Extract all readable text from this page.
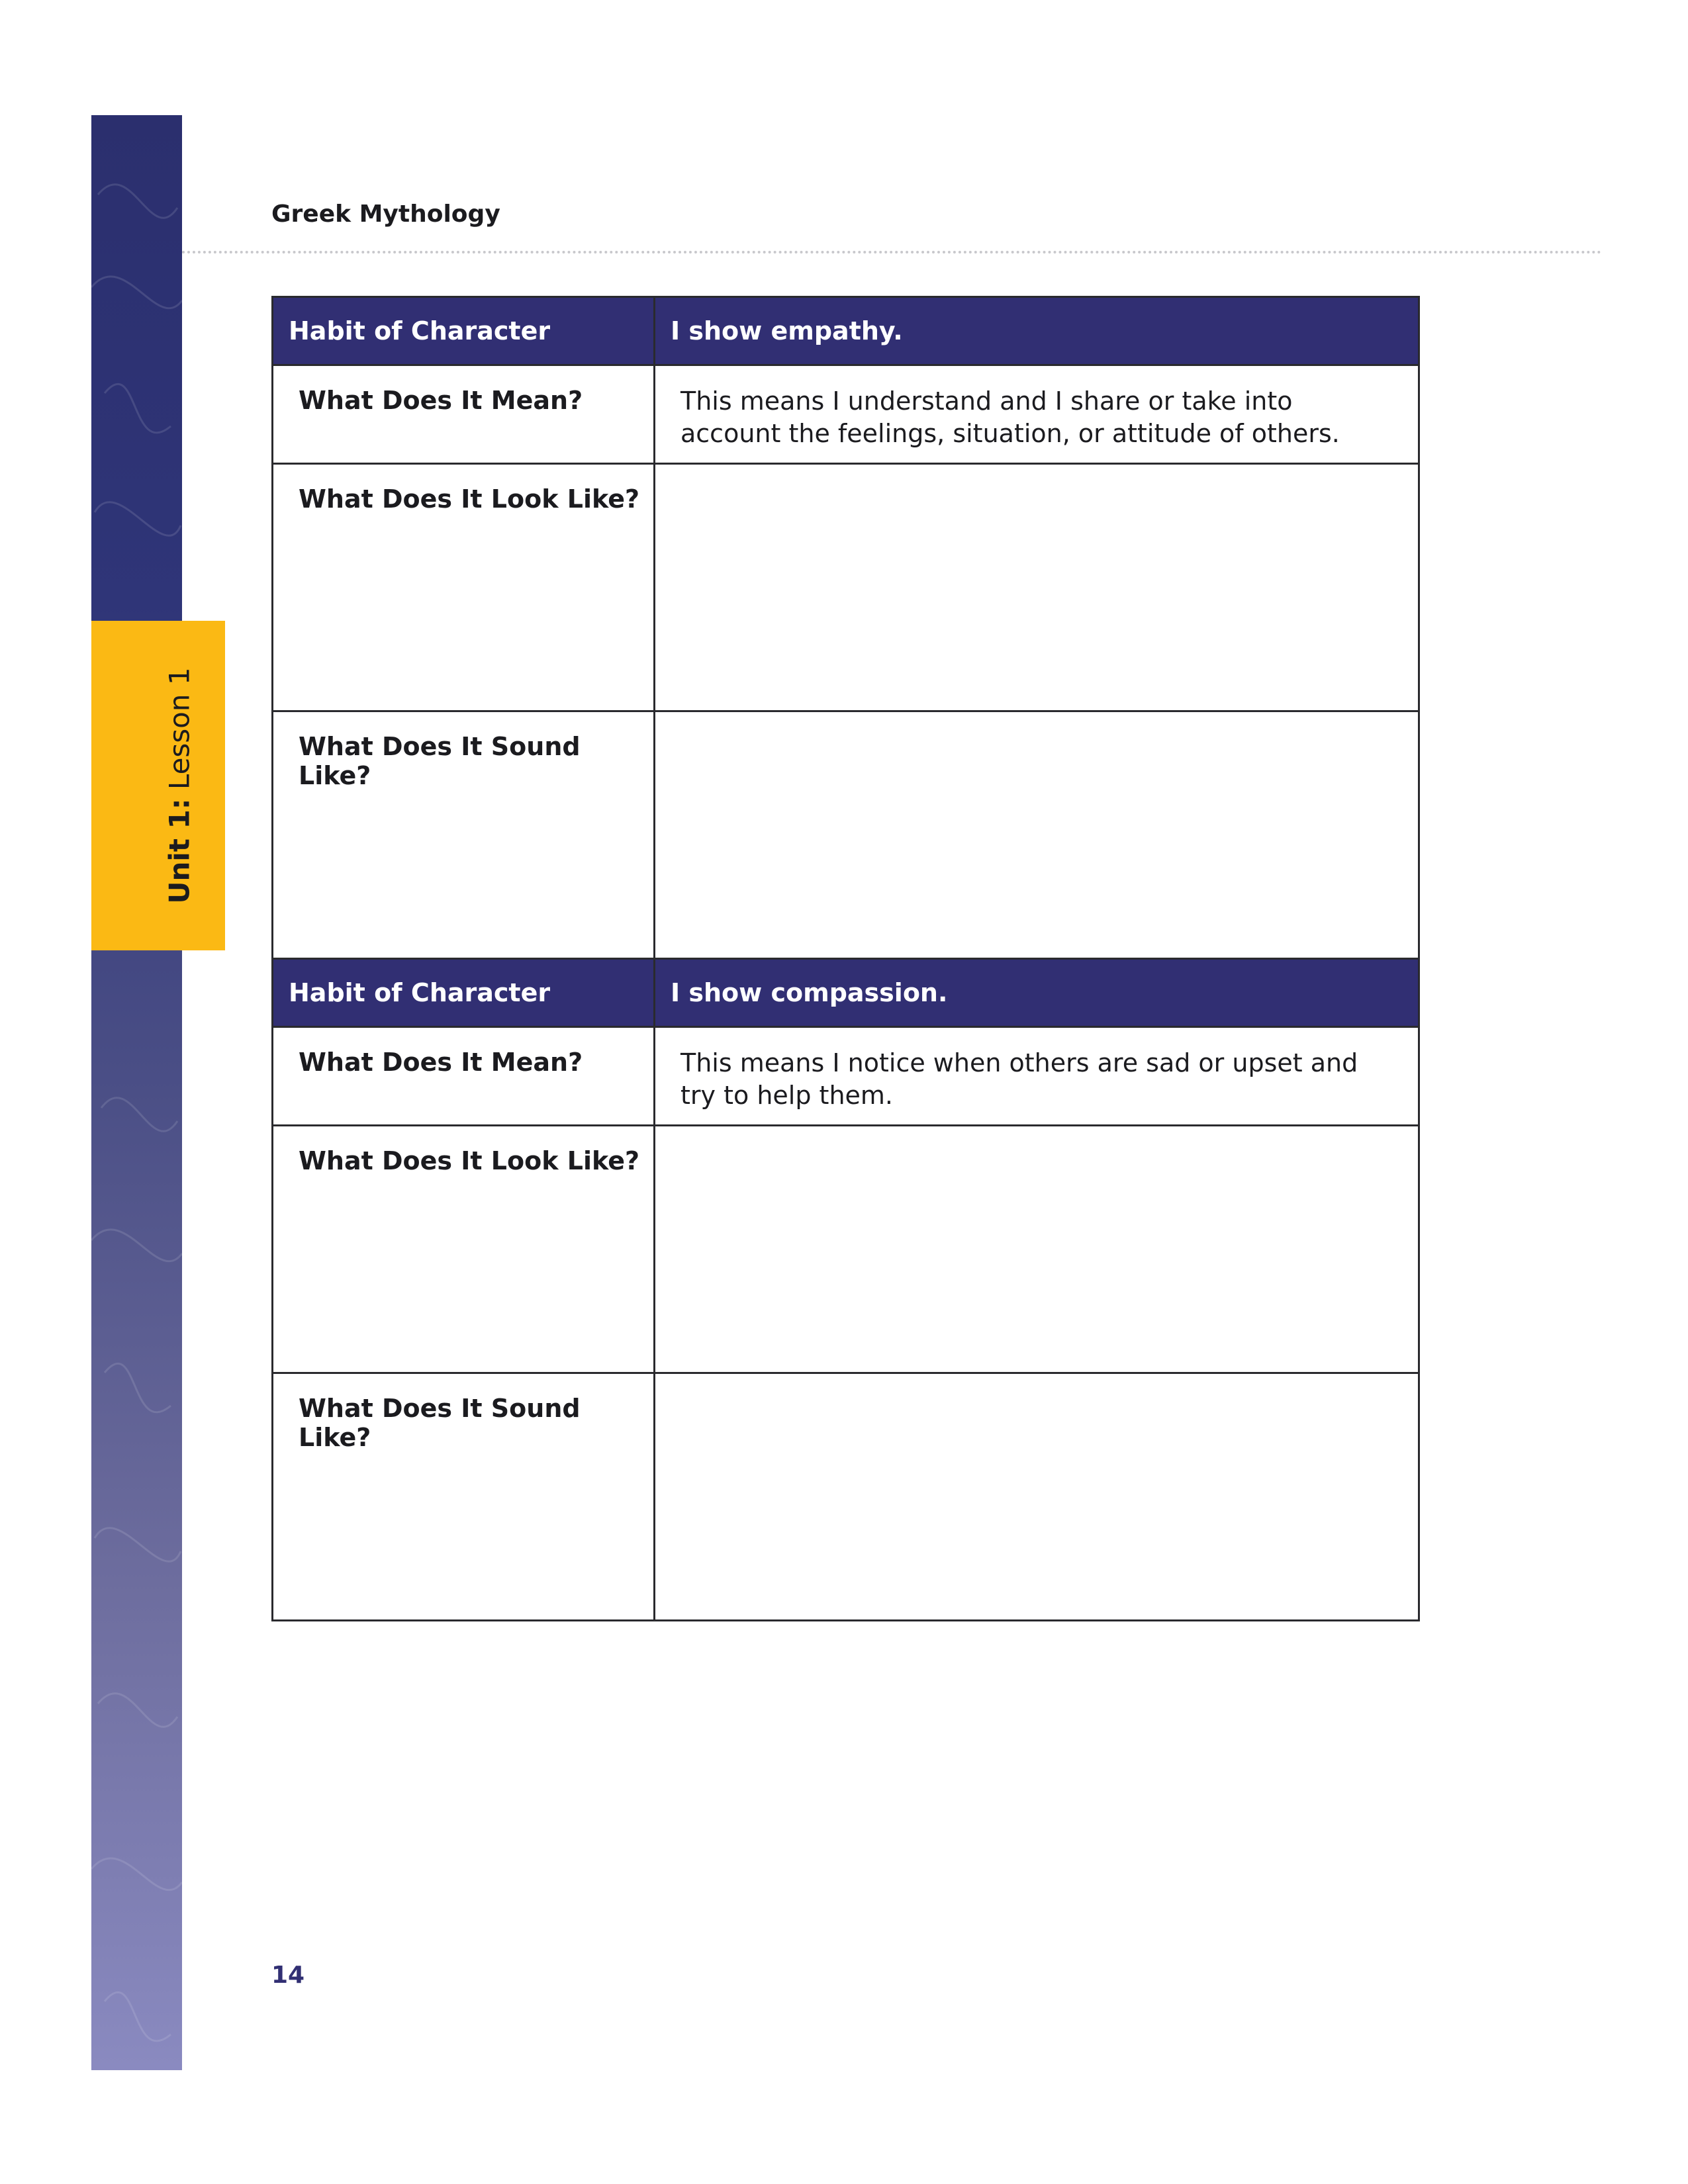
Unit 1: Lesson 1
Greek Mythology
Habit of Character	I show empathy.

What Does It Mean?	This means I understand and I share or take into account the feelings, situation, or attitude of others.

What Does It Look Like?	

What Does It Sound Like?	

Habit of Character	I show compassion.

What Does It Mean?	This means I notice when others are sad or upset and try to help them.

What Does It Look Like?	

What Does It Sound Like?	

14
